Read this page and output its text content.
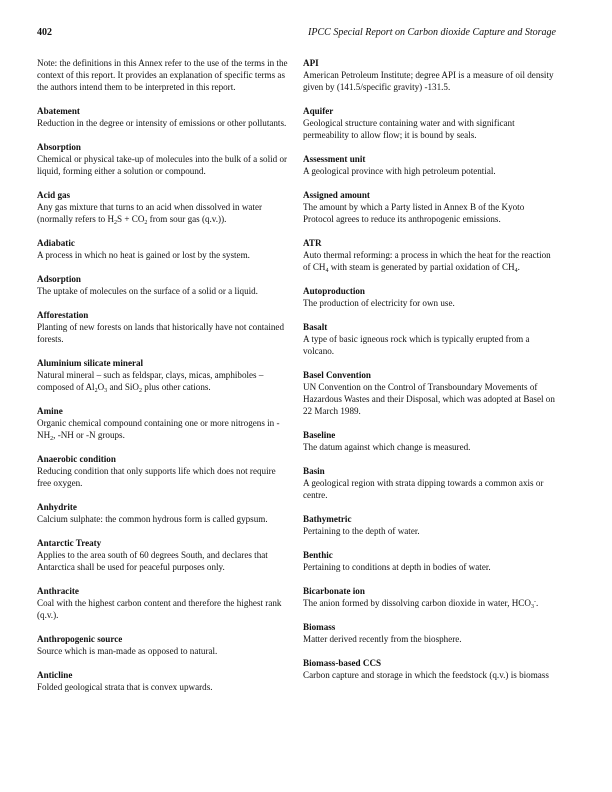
402	IPCC Special Report on Carbon dioxide Capture and Storage

Note: the definitions in this Annex refer to the use of the terms in the context of this report. It provides an explanation of specific terms as the authors intend them to be interpreted in this report.

Abatement
Reduction in the degree or intensity of emissions or other pollutants.
Absorption
Chemical or physical take-up of molecules into the bulk of a solid or liquid, forming either a solution or compound.
Acid gas
Any gas mixture that turns to an acid when dissolved in water (normally refers to $H_2S + CO_2$ from sour gas (q.v.)).
Adiabatic
A process in which no heat is gained or lost by the system.
Adsorption
The uptake of molecules on the surface of a solid or a liquid.
Afforestation
Planting of new forests on lands that historically have not contained forests.
Aluminium silicate mineral
Natural mineral – such as feldspar, clays, micas, amphiboles – composed of $Al_2O_3$ and SiO$_2$ plus other cations.
Amine
Organic chemical compound containing one or more nitrogens in $-NH_2$, -NH or -N groups.
Anaerobic condition
Reducing condition that only supports life which does not require free oxygen.
Anhydrite
Calcium sulphate: the common hydrous form is called gypsum.
Antarctic Treaty
Applies to the area south of 60 degrees South, and declares that Antarctica shall be used for peaceful purposes only.
Anthracite
Coal with the highest carbon content and therefore the highest rank (q.v.).
Anthropogenic source
Source which is man-made as opposed to natural.
Anticline
Folded geological strata that is convex upwards.
API
American Petroleum Institute; degree API is a measure of oil density given by (141.5/specific gravity) -131.5.
Aquifer
Geological structure containing water and with significant permeability to allow flow; it is bound by seals.
Assessment unit
A geological province with high petroleum potential.
Assigned amount
The amount by which a Party listed in Annex B of the Kyoto Protocol agrees to reduce its anthropogenic emissions.
ATR
Auto thermal reforming: a process in which the heat for the reaction of $CH_4$ with steam is generated by partial oxidation of $CH_4$.
Autoproduction
The production of electricity for own use.
Basalt
A type of basic igneous rock which is typically erupted from a volcano.
Basel Convention
UN Convention on the Control of Transboundary Movements of Hazardous Wastes and their Disposal, which was adopted at Basel on 22 March 1989.
Baseline
The datum against which change is measured.
Basin
A geological region with strata dipping towards a common axis or centre.
Bathymetric
Pertaining to the depth of water.
Benthic
Pertaining to conditions at depth in bodies of water.
Bicarbonate ion
The anion formed by dissolving carbon dioxide in water, $HCO_3^-$.
Biomass
Matter derived recently from the biosphere.
Biomass-based CCS
Carbon capture and storage in which the feedstock (q.v.) is biomass
